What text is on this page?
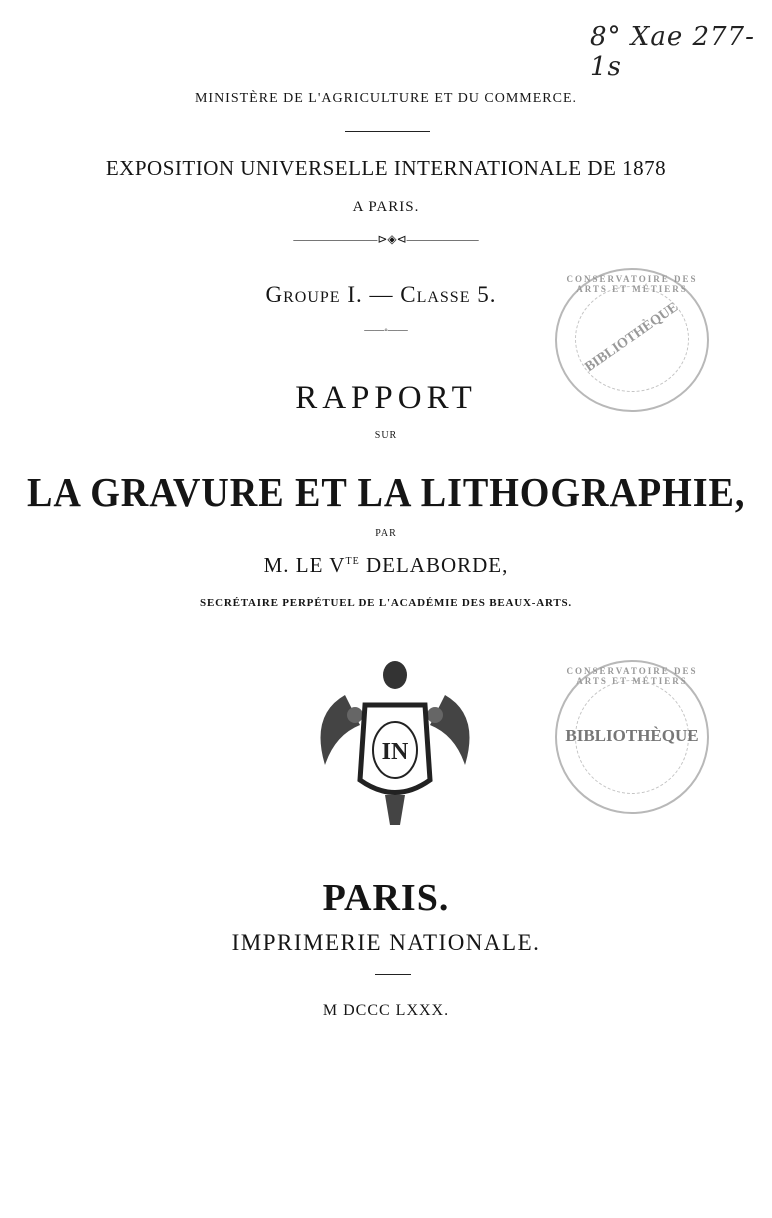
8° Xae 277-1s
MINISTÈRE DE L'AGRICULTURE ET DU COMMERCE.
EXPOSITION UNIVERSELLE INTERNATIONALE DE 1878
A PARIS.
———————⊳◈⊲——————
Groupe I. — Classe 5.
——◦——
RAPPORT
SUR
LA GRAVURE ET LA LITHOGRAPHIE,
PAR
M. LE $V^{TE}$ DELABORDE,
SECRÉTAIRE PERPÉTUEL DE L'ACADÉMIE DES BEAUX-ARTS.
IN
CONSERVATOIRE DES ARTS ET MÉTIERS
BIBLIOTHÈQUE
CONSERVATOIRE DES ARTS ET MÉTIERS
BIBLIOTHÈQUE
PARIS.
IMPRIMERIE NATIONALE.
M DCCC LXXX.
